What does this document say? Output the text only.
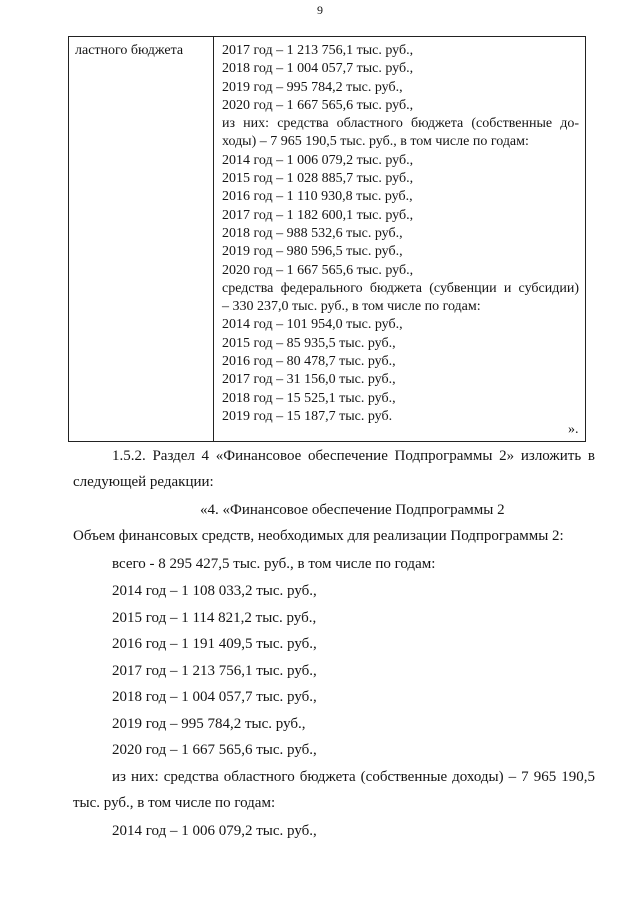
9
ластного бюджета	2017 год – 1 213 756,1 тыс. руб.,
2018 год – 1 004 057,7 тыс. руб.,
2019 год – 995 784,2 тыс. руб.,
2020 год – 1 667 565,6 тыс. руб.,
из них: средства областного бюджета (собственные до-
ходы) – 7 965 190,5 тыс. руб., в том числе по годам:
2014 год – 1 006 079,2 тыс. руб.,
2015 год – 1 028 885,7 тыс. руб.,
2016 год – 1 110 930,8 тыс. руб.,
2017 год – 1 182 600,1 тыс. руб.,
2018 год – 988 532,6 тыс. руб.,
2019 год – 980 596,5 тыс. руб.,
2020 год – 1 667 565,6 тыс. руб.,
средства федерального бюджета (субвенции и субсидии)
– 330 237,0 тыс. руб., в том числе по годам:
2014 год – 101 954,0 тыс. руб.,
2015 год – 85 935,5 тыс. руб.,
2016 год – 80 478,7 тыс. руб.,
2017 год – 31 156,0 тыс. руб.,
2018 год – 15 525,1 тыс. руб.,
2019 год – 15 187,7 тыс. руб.
».
1.5.2. Раздел 4 «Финансовое обеспечение Подпрограммы 2» изложить в
следующей редакции:
«4. «Финансовое обеспечение Подпрограммы 2
Объем финансовых средств, необходимых для реализации Подпрограммы 2:
всего - 8 295 427,5 тыс. руб., в том числе по годам:
2014 год – 1 108 033,2 тыс. руб.,
2015 год – 1 114 821,2 тыс. руб.,
2016 год – 1 191 409,5 тыс. руб.,
2017 год – 1 213 756,1 тыс. руб.,
2018 год – 1 004 057,7 тыс. руб.,
2019 год – 995 784,2 тыс. руб.,
2020 год – 1 667 565,6 тыс. руб.,
из них: средства областного бюджета (собственные доходы) – 7 965 190,5
тыс. руб., в том числе по годам:
2014 год – 1 006 079,2 тыс. руб.,
